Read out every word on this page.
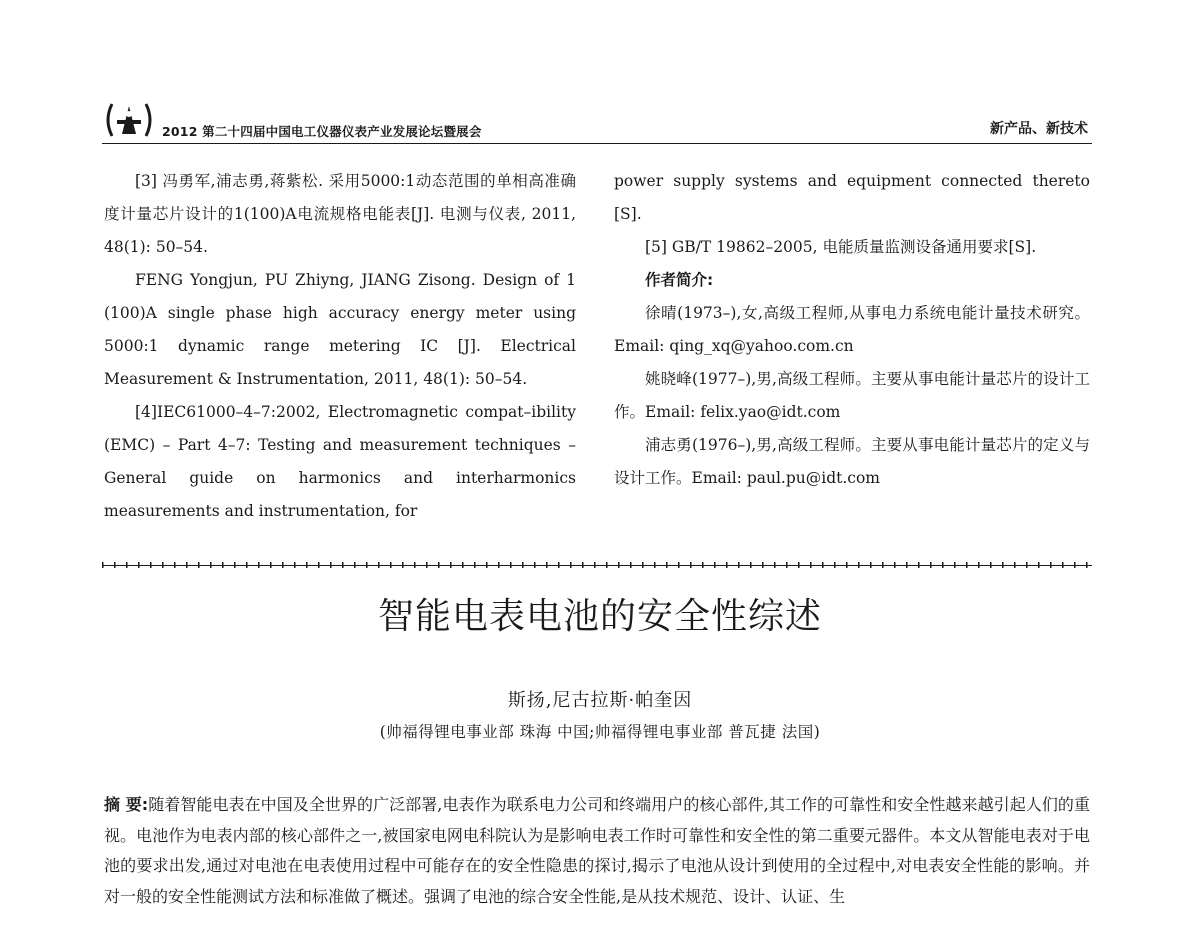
2012 第二十四届中国电工仪器仪表产业发展论坛暨展会	新产品、新技术

[3] 冯勇军,浦志勇,蒋紫松. 采用5000:1动态范围的单相高准确度计量芯片设计的1(100)A电流规格电能表[J]. 电测与仪表, 2011, 48(1): 50–54.

FENG Yongjun, PU Zhiyng, JIANG Zisong. Design of 1 (100)A single phase high accuracy energy meter using 5000:1 dynamic range metering IC [J]. Electrical Measurement & Instrumentation, 2011, 48(1): 50–54.

[4]IEC61000–4–7:2002, Electromagnetic compat–ibility (EMC) – Part 4–7: Testing and measurement techniques – General guide on harmonics and interharmonics measurements and instrumentation, for

power supply systems and equipment connected thereto [S].

[5] GB/T 19862–2005, 电能质量监测设备通用要求[S].

作者简介:

徐晴(1973–),女,高级工程师,从事电力系统电能计量技术研究。Email: qing_xq@yahoo.com.cn

姚晓峰(1977–),男,高级工程师。主要从事电能计量芯片的设计工作。Email: felix.yao@idt.com

浦志勇(1976–),男,高级工程师。主要从事电能计量芯片的定义与设计工作。Email: paul.pu@idt.com

智能电表电池的安全性综述
斯扬,尼古拉斯·帕奎因
(帅福得锂电事业部 珠海 中国;帅福得锂电事业部 普瓦捷 法国)
摘 要:随着智能电表在中国及全世界的广泛部署,电表作为联系电力公司和终端用户的核心部件,其工作的可靠性和安全性越来越引起人们的重视。电池作为电表内部的核心部件之一,被国家电网电科院认为是影响电表工作时可靠性和安全性的第二重要元器件。本文从智能电表对于电池的要求出发,通过对电池在电表使用过程中可能存在的安全性隐患的探讨,揭示了电池从设计到使用的全过程中,对电表安全性能的影响。并对一般的安全性能测试方法和标准做了概述。强调了电池的综合安全性能,是从技术规范、设计、认证、生
